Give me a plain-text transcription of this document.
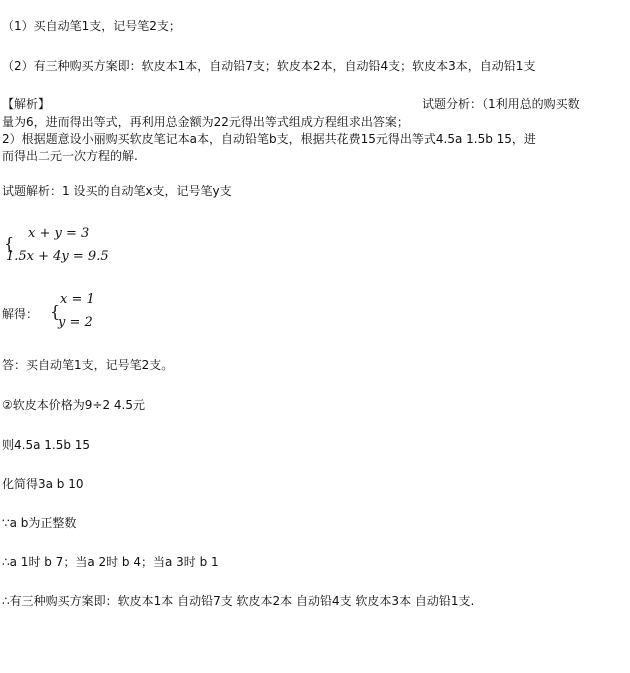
（1）买自动笔1支，记号笔2支；
（2）有三种购买方案即：软皮本1本，自动铅7支；软皮本2本，自动铅4支；软皮本3本，自动铅1支
【解析】	试题分析：（1利用总的购买数
量为6，进而得出等式，再利用总金额为22元得出等式组成方程组求出答案；
2）根据题意设小丽购买软皮笔记本a本，自动铅笔b支，根据共花费15元得出等式4.5a 1.5b 15，进
而得出二元一次方程的解.
试题解析：1 设买的自动笔x支，记号笔y支
{
x + y = 3
1.5x + 4y = 9.5
解得： {
x = 1
y = 2
答：买自动笔1支，记号笔2支。
②软皮本价格为9÷2 4.5元
则4.5a 1.5b 15
化简得3a b 10
∵a b为正整数
∴a 1时 b 7；当a 2时 b 4；当a 3时 b 1
∴有三种购买方案即：软皮本1本 自动铅7支 软皮本2本 自动铅4支 软皮本3本 自动铅1支.
